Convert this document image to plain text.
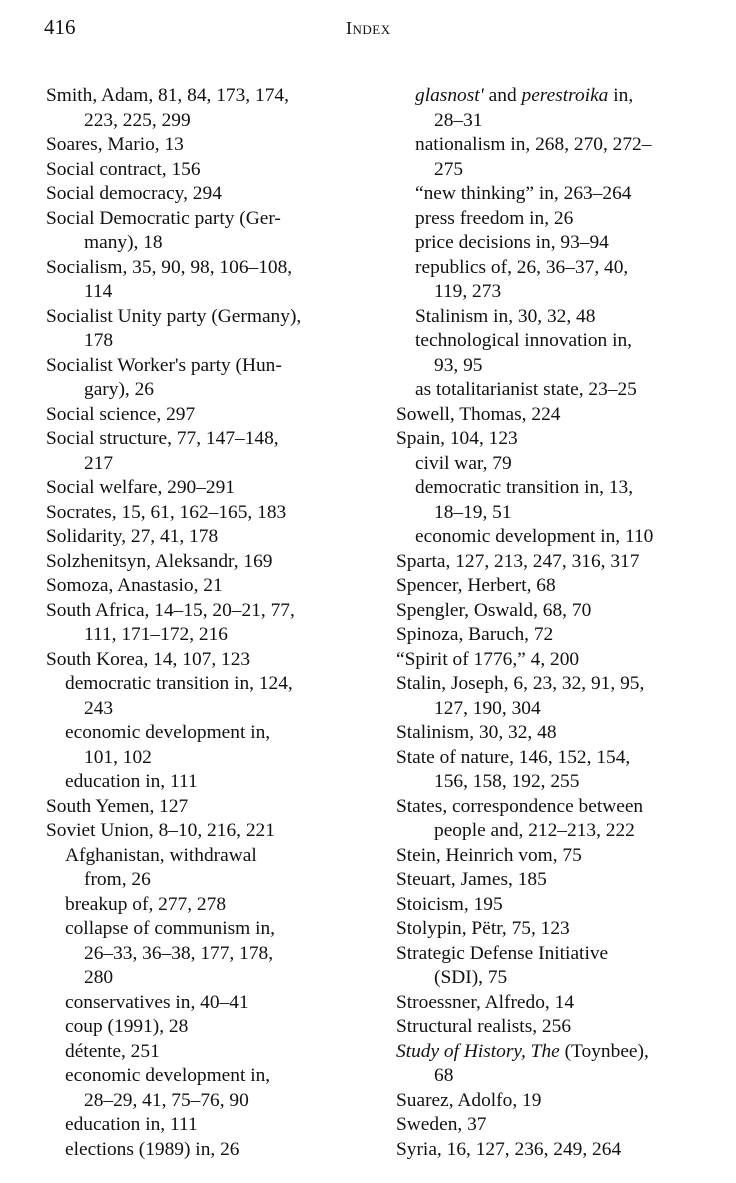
416	Index
Smith, Adam, 81, 84, 173, 174,
223, 225, 299
Soares, Mario, 13
Social contract, 156
Social democracy, 294
Social Democratic party (Ger-
many), 18
Socialism, 35, 90, 98, 106–108,
114
Socialist Unity party (Germany),
178
Socialist Worker's party (Hun-
gary), 26
Social science, 297
Social structure, 77, 147–148,
217
Social welfare, 290–291
Socrates, 15, 61, 162–165, 183
Solidarity, 27, 41, 178
Solzhenitsyn, Aleksandr, 169
Somoza, Anastasio, 21
South Africa, 14–15, 20–21, 77,
111, 171–172, 216
South Korea, 14, 107, 123
democratic transition in, 124,
243
economic development in,
101, 102
education in, 111
South Yemen, 127
Soviet Union, 8–10, 216, 221
Afghanistan, withdrawal
from, 26
breakup of, 277, 278
collapse of communism in,
26–33, 36–38, 177, 178,
280
conservatives in, 40–41
coup (1991), 28
détente, 251
economic development in,
28–29, 41, 75–76, 90
education in, 111
elections (1989) in, 26
glasnost' and perestroika in,
28–31
nationalism in, 268, 270, 272–
275
“new thinking” in, 263–264
press freedom in, 26
price decisions in, 93–94
republics of, 26, 36–37, 40,
119, 273
Stalinism in, 30, 32, 48
technological innovation in,
93, 95
as totalitarianist state, 23–25
Sowell, Thomas, 224
Spain, 104, 123
civil war, 79
democratic transition in, 13,
18–19, 51
economic development in, 110
Sparta, 127, 213, 247, 316, 317
Spencer, Herbert, 68
Spengler, Oswald, 68, 70
Spinoza, Baruch, 72
“Spirit of 1776,” 4, 200
Stalin, Joseph, 6, 23, 32, 91, 95,
127, 190, 304
Stalinism, 30, 32, 48
State of nature, 146, 152, 154,
156, 158, 192, 255
States, correspondence between
people and, 212–213, 222
Stein, Heinrich vom, 75
Steuart, James, 185
Stoicism, 195
Stolypin, Pëtr, 75, 123
Strategic Defense Initiative
(SDI), 75
Stroessner, Alfredo, 14
Structural realists, 256
Study of History, The (Toynbee),
68
Suarez, Adolfo, 19
Sweden, 37
Syria, 16, 127, 236, 249, 264
